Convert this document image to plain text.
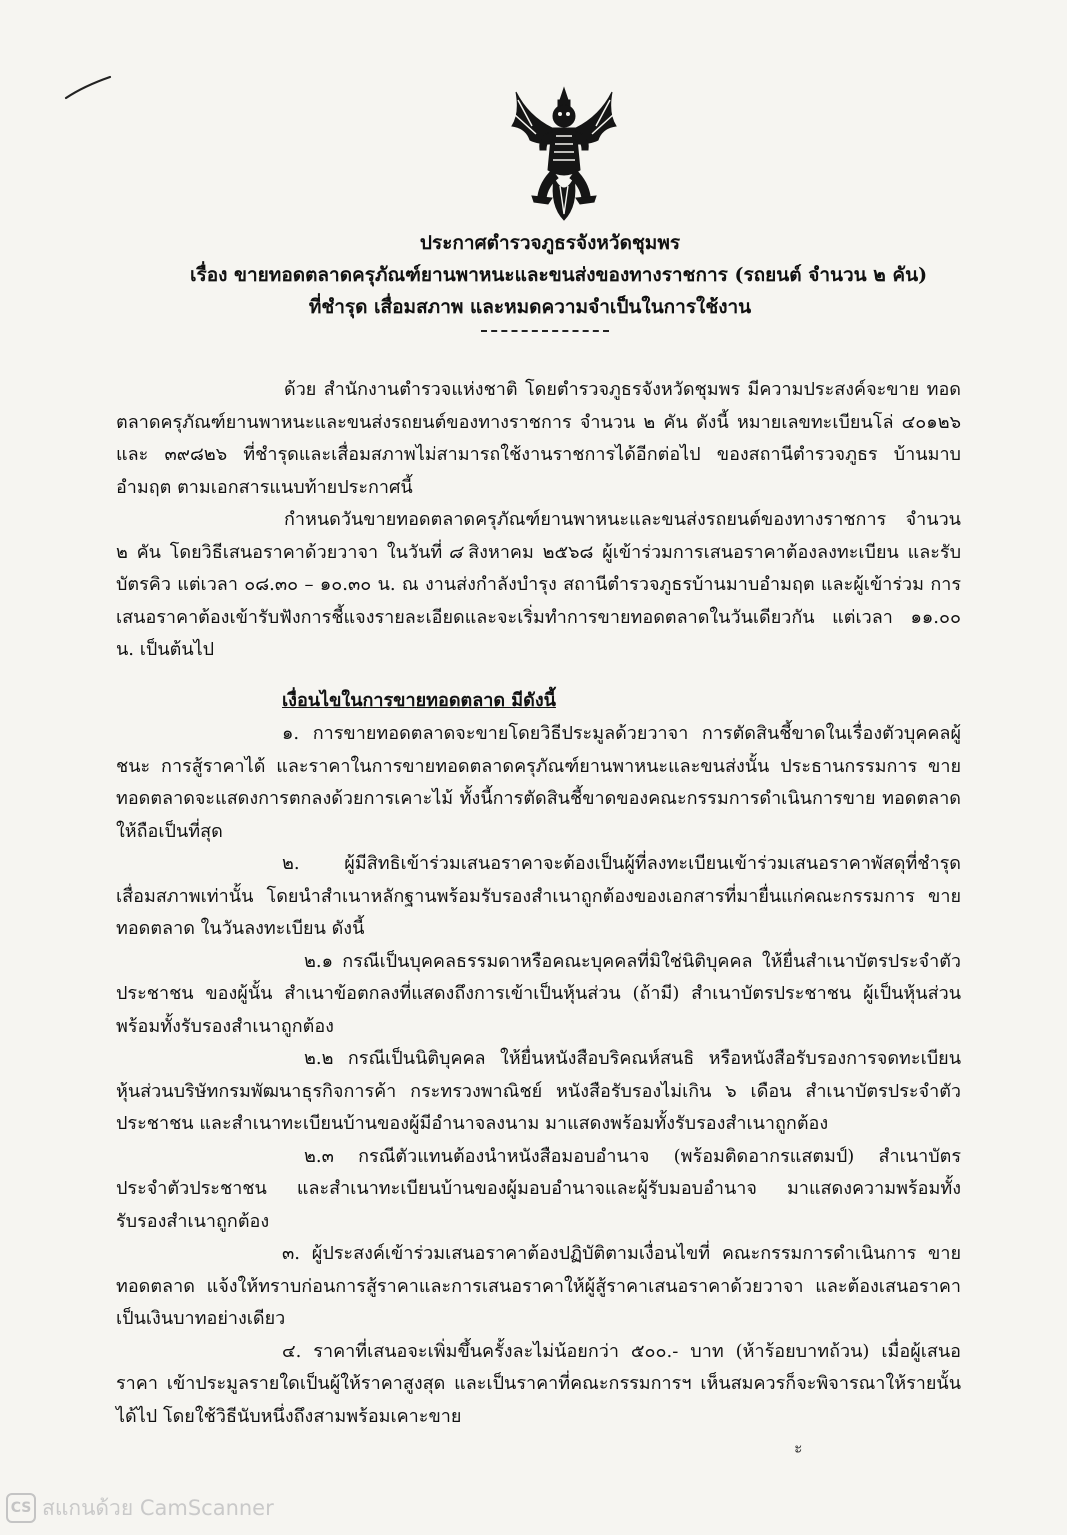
ประกาศตำรวจภูธรจังหวัดชุมพร
เรื่อง ขายทอดตลาดครุภัณฑ์ยานพาหนะและขนส่งของทางราชการ (รถยนต์ จำนวน ๒ คัน)
ที่ชำรุด เสื่อมสภาพ และหมดความจำเป็นในการใช้งาน

ด้วย สำนักงานตำรวจแห่งชาติ โดยตำรวจภูธรจังหวัดชุมพร มีความประสงค์จะขาย ทอดตลาดครุภัณฑ์ยานพาหนะและขนส่งรถยนต์ของทางราชการ จำนวน ๒ คัน ดังนี้ หมายเลขทะเบียนโล่ ๔๐๑๒๖ และ ๓๙๘๒๖ ที่ชำรุดและเสื่อมสภาพไม่สามารถใช้งานราชการได้อีกต่อไป ของสถานีตำรวจภูธร บ้านมาบอำมฤต ตามเอกสารแนบท้ายประกาศนี้

กำหนดวันขายทอดตลาดครุภัณฑ์ยานพาหนะและขนส่งรถยนต์ของทางราชการ จำนวน ๒ คัน โดยวิธีเสนอราคาด้วยวาจา ในวันที่ ๘ สิงหาคม ๒๕๖๘ ผู้เข้าร่วมการเสนอราคาต้องลงทะเบียน และรับ บัตรคิว แต่เวลา ๐๘.๓๐ – ๑๐.๓๐ น. ณ งานส่งกำลังบำรุง สถานีตำรวจภูธรบ้านมาบอำมฤต และผู้เข้าร่วม การเสนอราคาต้องเข้ารับฟังการชี้แจงรายละเอียดและจะเริ่มทำการขายทอดตลาดในวันเดียวกัน แต่เวลา ๑๑.๐๐ น. เป็นต้นไป

เงื่อนไขในการขายทอดตลาด มีดังนี้

๑. การขายทอดตลาดจะขายโดยวิธีประมูลด้วยวาจา การตัดสินชี้ขาดในเรื่องตัวบุคคลผู้ชนะ การสู้ราคาได้ และราคาในการขายทอดตลาดครุภัณฑ์ยานพาหนะและขนส่งนั้น ประธานกรรมการ ขายทอดตลาดจะแสดงการตกลงด้วยการเคาะไม้ ทั้งนี้การตัดสินชี้ขาดของคณะกรรมการดำเนินการขาย ทอดตลาดให้ถือเป็นที่สุด

๒. ผู้มีสิทธิเข้าร่วมเสนอราคาจะต้องเป็นผู้ที่ลงทะเบียนเข้าร่วมเสนอราคาพัสดุที่ชำรุด เสื่อมสภาพเท่านั้น โดยนำสำเนาหลักฐานพร้อมรับรองสำเนาถูกต้องของเอกสารที่มายื่นแก่คณะกรรมการ ขายทอดตลาด ในวันลงทะเบียน ดังนี้

๒.๑ กรณีเป็นบุคคลธรรมดาหรือคณะบุคคลที่มิใช่นิติบุคคล ให้ยื่นสำเนาบัตรประจำตัว ประชาชน ของผู้นั้น สำเนาข้อตกลงที่แสดงถึงการเข้าเป็นหุ้นส่วน (ถ้ามี) สำเนาบัตรประชาชน ผู้เป็นหุ้นส่วน พร้อมทั้งรับรองสำเนาถูกต้อง

๒.๒ กรณีเป็นนิติบุคคล ให้ยื่นหนังสือบริคณห์สนธิ หรือหนังสือรับรองการจดทะเบียน หุ้นส่วนบริษัทกรมพัฒนาธุรกิจการค้า กระทรวงพาณิชย์ หนังสือรับรองไม่เกิน ๖ เดือน สำเนาบัตรประจำตัว ประชาชน และสำเนาทะเบียนบ้านของผู้มีอำนาจลงนาม มาแสดงพร้อมทั้งรับรองสำเนาถูกต้อง

๒.๓ กรณีตัวแทนต้องนำหนังสือมอบอำนาจ (พร้อมติดอากรแสตมป์) สำเนาบัตร ประจำตัวประชาชน และสำเนาทะเบียนบ้านของผู้มอบอำนาจและผู้รับมอบอำนาจ มาแสดงความพร้อมทั้ง รับรองสำเนาถูกต้อง

๓. ผู้ประสงค์เข้าร่วมเสนอราคาต้องปฏิบัติตามเงื่อนไขที่ คณะกรรมการดำเนินการ ขายทอดตลาด แจ้งให้ทราบก่อนการสู้ราคาและการเสนอราคาให้ผู้สู้ราคาเสนอราคาด้วยวาจา และต้องเสนอราคา เป็นเงินบาทอย่างเดียว

๔. ราคาที่เสนอจะเพิ่มขึ้นครั้งละไม่น้อยกว่า ๕๐๐.- บาท (ห้าร้อยบาทถ้วน) เมื่อผู้เสนอราคา เข้าประมูลรายใดเป็นผู้ให้ราคาสูงสุด และเป็นราคาที่คณะกรรมการฯ เห็นสมควรก็จะพิจารณาให้รายนั้นได้ไป โดยใช้วิธีนับหนึ่งถึงสามพร้อมเคาะขาย

ะ
CS สแกนด้วย CamScanner
